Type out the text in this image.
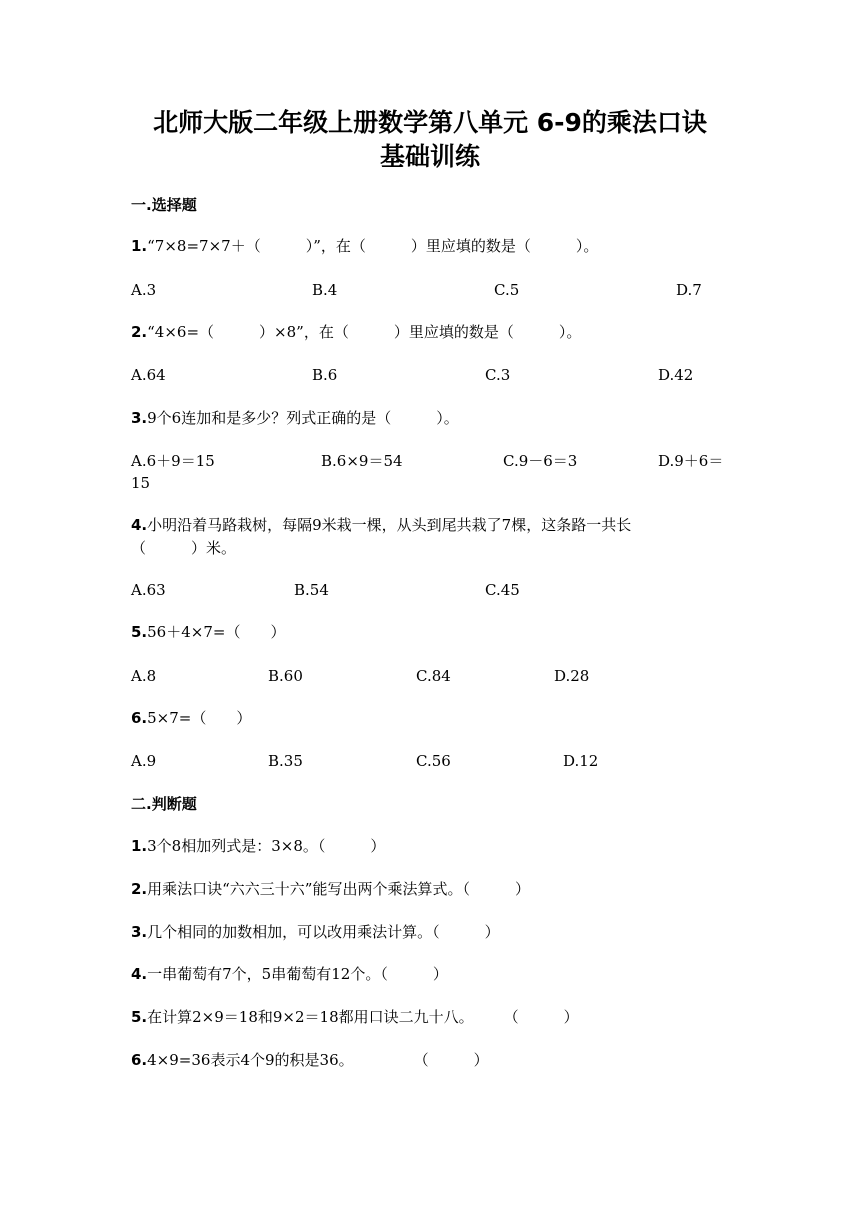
北师大版二年级上册数学第八单元 6-9的乘法口诀
基础训练
一.选择题
1.“7×8=7×7＋（　　　）”，在（　　　）里应填的数是（　　　）。
A.3	B.4	C.5	D.7
2.“4×6=（　　　）×8”，在（　　　）里应填的数是（　　　）。
A.64	B.6	C.3	D.42
3.9个6连加和是多少？列式正确的是（　　　）。
A.6＋9＝15	B.6×9＝54	C.9－6＝3	D.9＋6＝
15
4.小明沿着马路栽树，每隔9米栽一棵，从头到尾共栽了7棵，这条路一共长
（　　　）米。
A.63	B.54	C.45
5.56＋4×7=（　　）
A.8	B.60	C.84	D.28
6.5×7=（　　）
A.9	B.35	C.56	D.12
二.判断题
1.3个8相加列式是：3×8。（　　　）
2.用乘法口诀“六六三十六”能写出两个乘法算式。（　　　）
3.几个相同的加数相加，可以改用乘法计算。（　　　）
4.一串葡萄有7个，5串葡萄有12个。（　　　）
5.在计算2×9＝18和9×2＝18都用口诀二九十八。　　　（　　　）
6.4×9=36表示4个9的积是36。　　　　　（　　　）
